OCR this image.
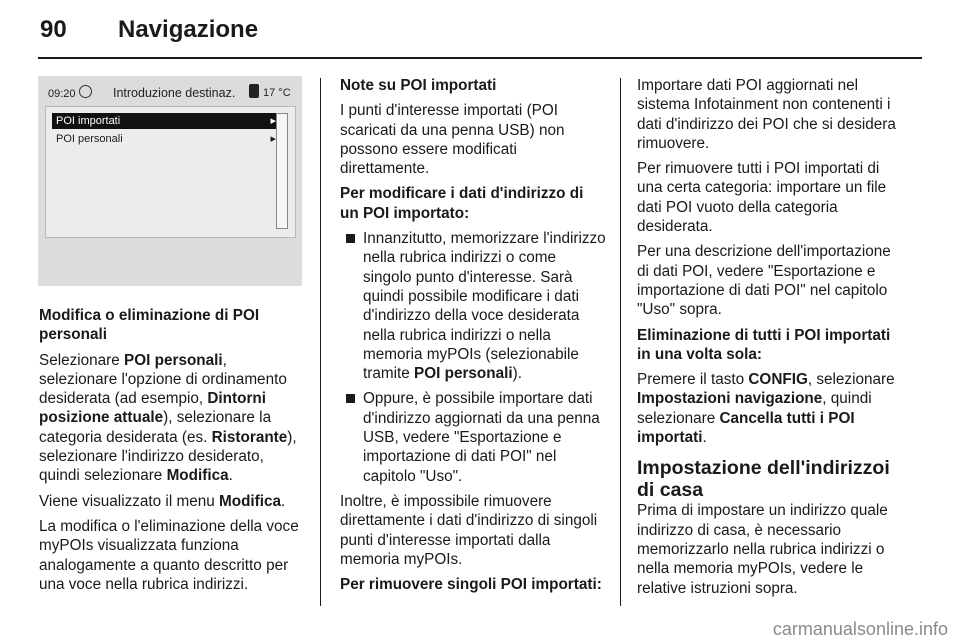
90 Navigazione
09:20	Introduzione destinaz.	17 °C
POI importati	▸
POI personali	▸

Modifica o eliminazione di POI personali

Selezionare POI personali, selezionare l'opzione di ordinamento desiderata (ad esempio, Dintorni posizione attuale), selezionare la categoria desiderata (es. Ristorante), selezionare l'indirizzo desiderato, quindi selezionare Modifica.

Viene visualizzato il menu Modifica.

La modifica o l'eliminazione della voce myPOIs visualizzata funziona analogamente a quanto descritto per una voce nella rubrica indirizzi.

Note su POI importati

I punti d'interesse importati (POI scaricati da una penna USB) non possono essere modificati direttamente.

Per modificare i dati d'indirizzo di un POI importato:

Innanzitutto, memorizzare l'indirizzo nella rubrica indirizzi o come singolo punto d'interesse. Sarà quindi possibile modificare i dati d'indirizzo della voce desiderata nella rubrica indirizzi o nella memoria myPOIs (selezionabile tramite POI personali).
Oppure, è possibile importare dati d'indirizzo aggiornati da una penna USB, vedere "Esportazione e importazione di dati POI" nel capitolo "Uso".

Inoltre, è impossibile rimuovere direttamente i dati d'indirizzo di singoli punti d'interesse importati dalla memoria myPOIs.

Per rimuovere singoli POI importati:

Importare dati POI aggiornati nel sistema Infotainment non contenenti i dati d'indirizzo dei POI che si desidera rimuovere.

Per rimuovere tutti i POI importati di una certa categoria: importare un file dati POI vuoto della categoria desiderata.

Per una descrizione dell'importazione di dati POI, vedere "Esportazione e importazione di dati POI" nel capitolo "Uso" sopra.

Eliminazione di tutti i POI importati in una volta sola:

Premere il tasto CONFIG, selezionare Impostazioni navigazione, quindi selezionare Cancella tutti i POI importati.

Impostazione dell'indirizzoi di casa

Prima di impostare un indirizzo quale indirizzo di casa, è necessario memorizzarlo nella rubrica indirizzi o nella memoria myPOIs, vedere le relative istruzioni sopra.

carmanualsonline.info
